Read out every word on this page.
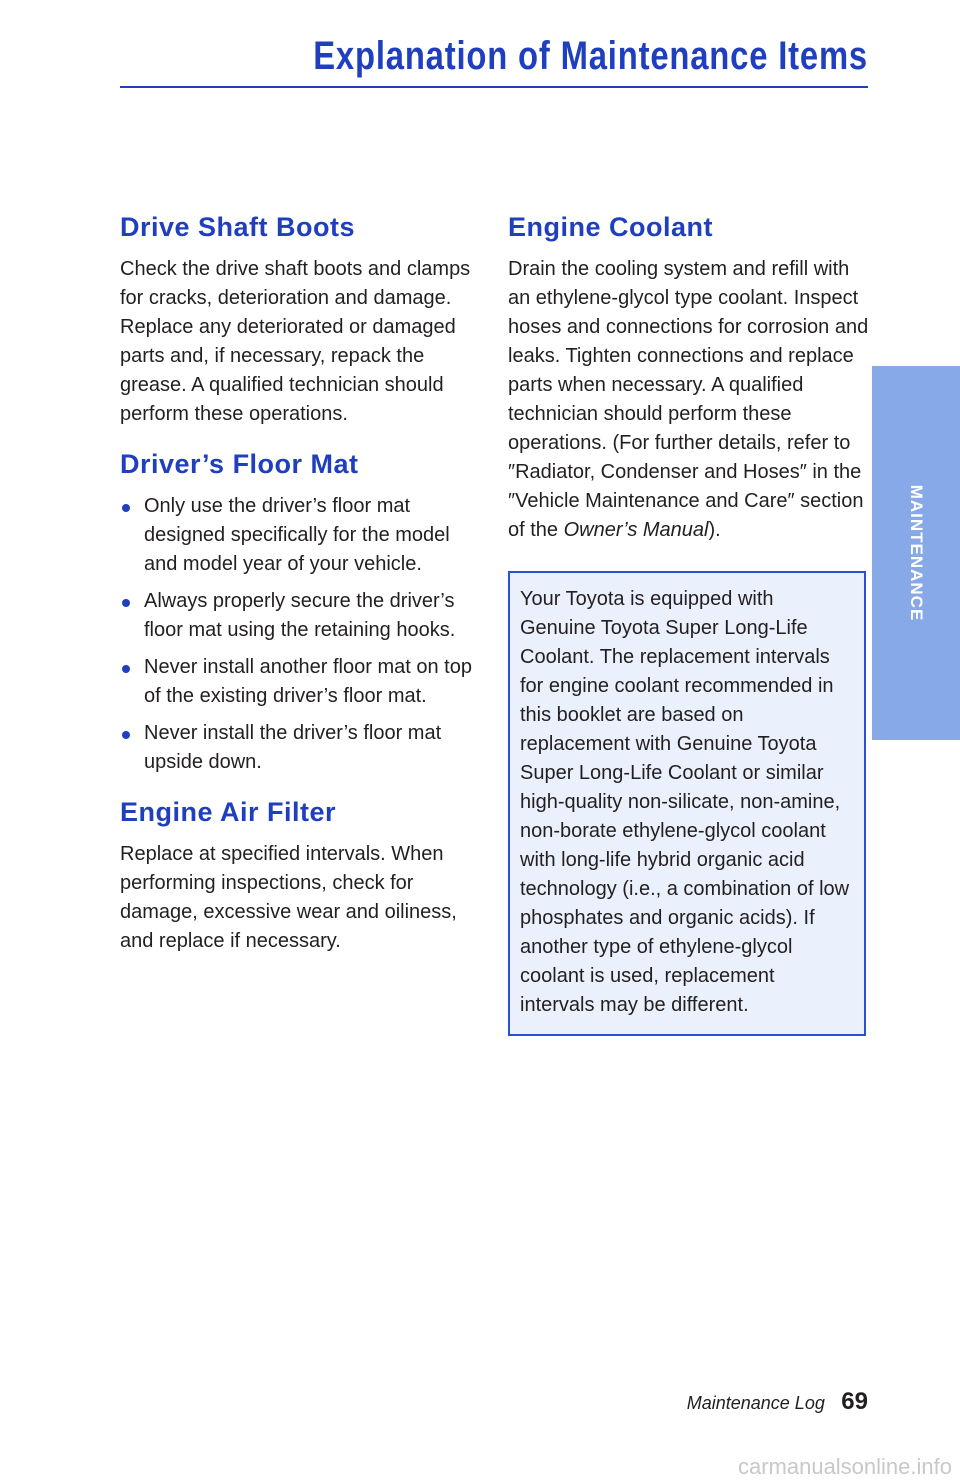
Explanation of Maintenance Items
Drive Shaft Boots

Check the drive shaft boots and clamps for cracks, deterioration and damage. Replace any deteriorated or damaged parts and, if necessary, repack the grease. A qualified technician should perform these operations.

Driver’s Floor Mat
Only use the driver’s floor mat designed specifically for the model and model year of your vehicle.
Always properly secure the driver’s floor mat using the retaining hooks.
Never install another floor mat on top of the existing driver’s floor mat.
Never install the driver’s floor mat upside down.
Engine Air Filter

Replace at specified intervals. When performing inspections, check for damage, excessive wear and oiliness, and replace if necessary.

Engine Coolant

Drain the cooling system and refill with an ethylene-glycol type coolant. Inspect hoses and connections for corrosion and leaks. Tighten connections and replace parts when necessary. A qualified technician should perform these operations. (For further details, refer to ″Radiator, Condenser and Hoses″ in the ″Vehicle Maintenance and Care″ section of the Owner’s Manual).

Your Toyota is equipped with Genuine Toyota Super Long-Life Coolant. The replacement intervals for engine coolant recommended in this booklet are based on replacement with Genuine Toyota Super Long-Life Coolant or similar high-quality non-silicate, non-amine, non-borate ethylene-glycol coolant with long-life hybrid organic acid technology (i.e., a combination of low phosphates and organic acids). If another type of ethylene-glycol coolant is used, replacement intervals may be different.
MAINTENANCE
Maintenance Log 69
carmanualsonline.info
